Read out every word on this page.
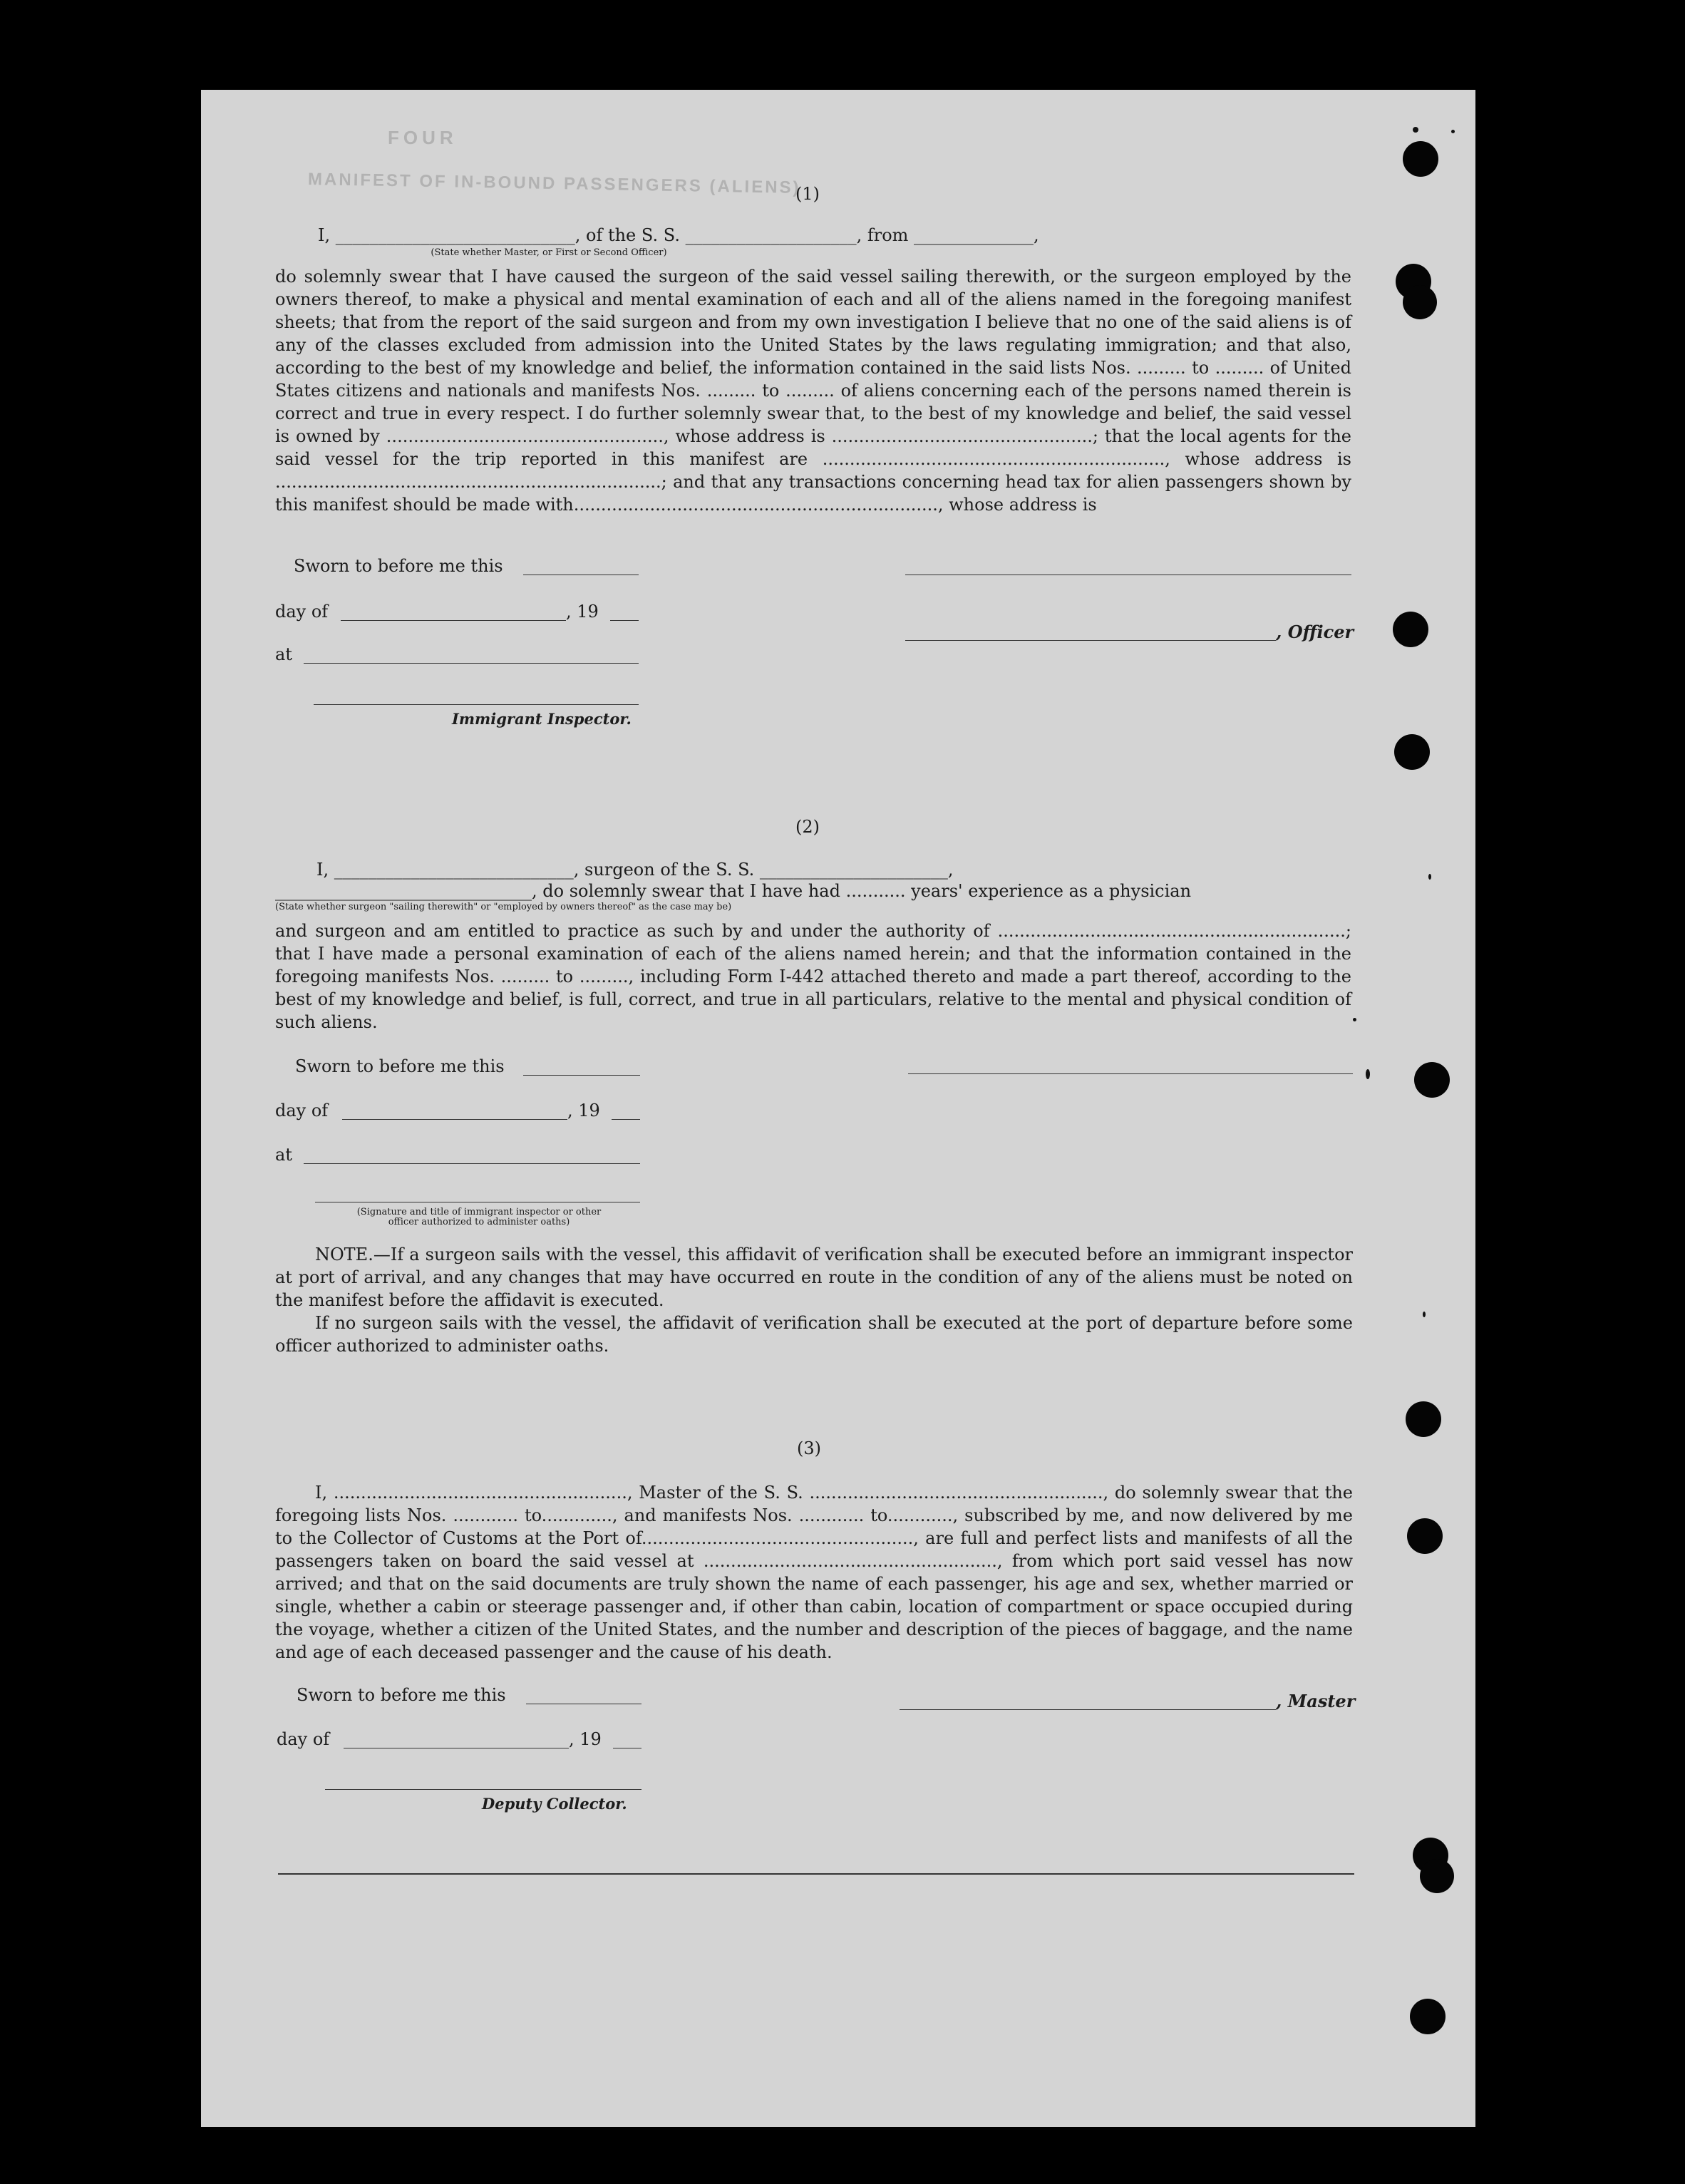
FOUR
MANIFEST OF IN-BOUND PASSENGERS (ALIENS)
(1)
I, ____________________________, of the S. S. ____________________, from ______________,
(State whether Master, or First or Second Officer)

do solemnly swear that I have caused the surgeon of the said vessel sailing therewith, or the surgeon employed by the owners thereof, to make a physical and mental examination of each and all of the aliens named in the foregoing manifest sheets; that from the report of the said surgeon and from my own investigation I believe that no one of the said aliens is of any of the classes excluded from admission into the United States by the laws regulating immigration; and that also, according to the best of my knowledge and belief, the information contained in the said lists Nos. ......... to ......... of United States citizens and nationals and manifests Nos. ......... to ......... of aliens concerning each of the persons named therein is correct and true in every respect. I do further solemnly swear that, to the best of my knowledge and belief, the said vessel is owned by ..................................................., whose address is ................................................; that the local agents for the said vessel for the trip reported in this manifest are ..............................................................., whose address is .......................................................................; and that any transactions concerning head tax for alien passengers shown by this manifest should be made with..................................................................., whose address is

Sworn to before me this
day of	, 19
, Officer
at
Immigrant Inspector.
(2)
I, ____________________________, surgeon of the S. S. ______________________,
______________________________, do solemnly swear that I have had ........... years' experience as a physician
(State whether surgeon "sailing therewith" or "employed by owners thereof" as the case may be)

and surgeon and am entitled to practice as such by and under the authority of ................................................................; that I have made a personal examination of each of the aliens named herein; and that the information contained in the foregoing manifests Nos. ......... to ........., including Form I-442 attached thereto and made a part thereof, according to the best of my knowledge and belief, is full, correct, and true in all particulars, relative to the mental and physical condition of such aliens.

Sworn to before me this
day of	, 19
at
(Signature and title of immigrant inspector or other officer authorized to administer oaths)

NOTE.—If a surgeon sails with the vessel, this affidavit of verification shall be executed before an immigrant inspector at port of arrival, and any changes that may have occurred en route in the condition of any of the aliens must be noted on the manifest before the affidavit is executed.

If no surgeon sails with the vessel, the affidavit of verification shall be executed at the port of departure before some officer authorized to administer oaths.

(3)

I, ......................................................, Master of the S. S. ......................................................, do solemnly swear that the foregoing lists Nos. ............ to............., and manifests Nos. ............ to............, subscribed by me, and now delivered by me to the Collector of Customs at the Port of.................................................., are full and perfect lists and manifests of all the passengers taken on board the said vessel at ......................................................, from which port said vessel has now arrived; and that on the said documents are truly shown the name of each passenger, his age and sex, whether married or single, whether a cabin or steerage passenger and, if other than cabin, location of compartment or space occupied during the voyage, whether a citizen of the United States, and the number and description of the pieces of baggage, and the name and age of each deceased passenger and the cause of his death.

Sworn to before me this	, Master
day of	, 19
Deputy Collector.
